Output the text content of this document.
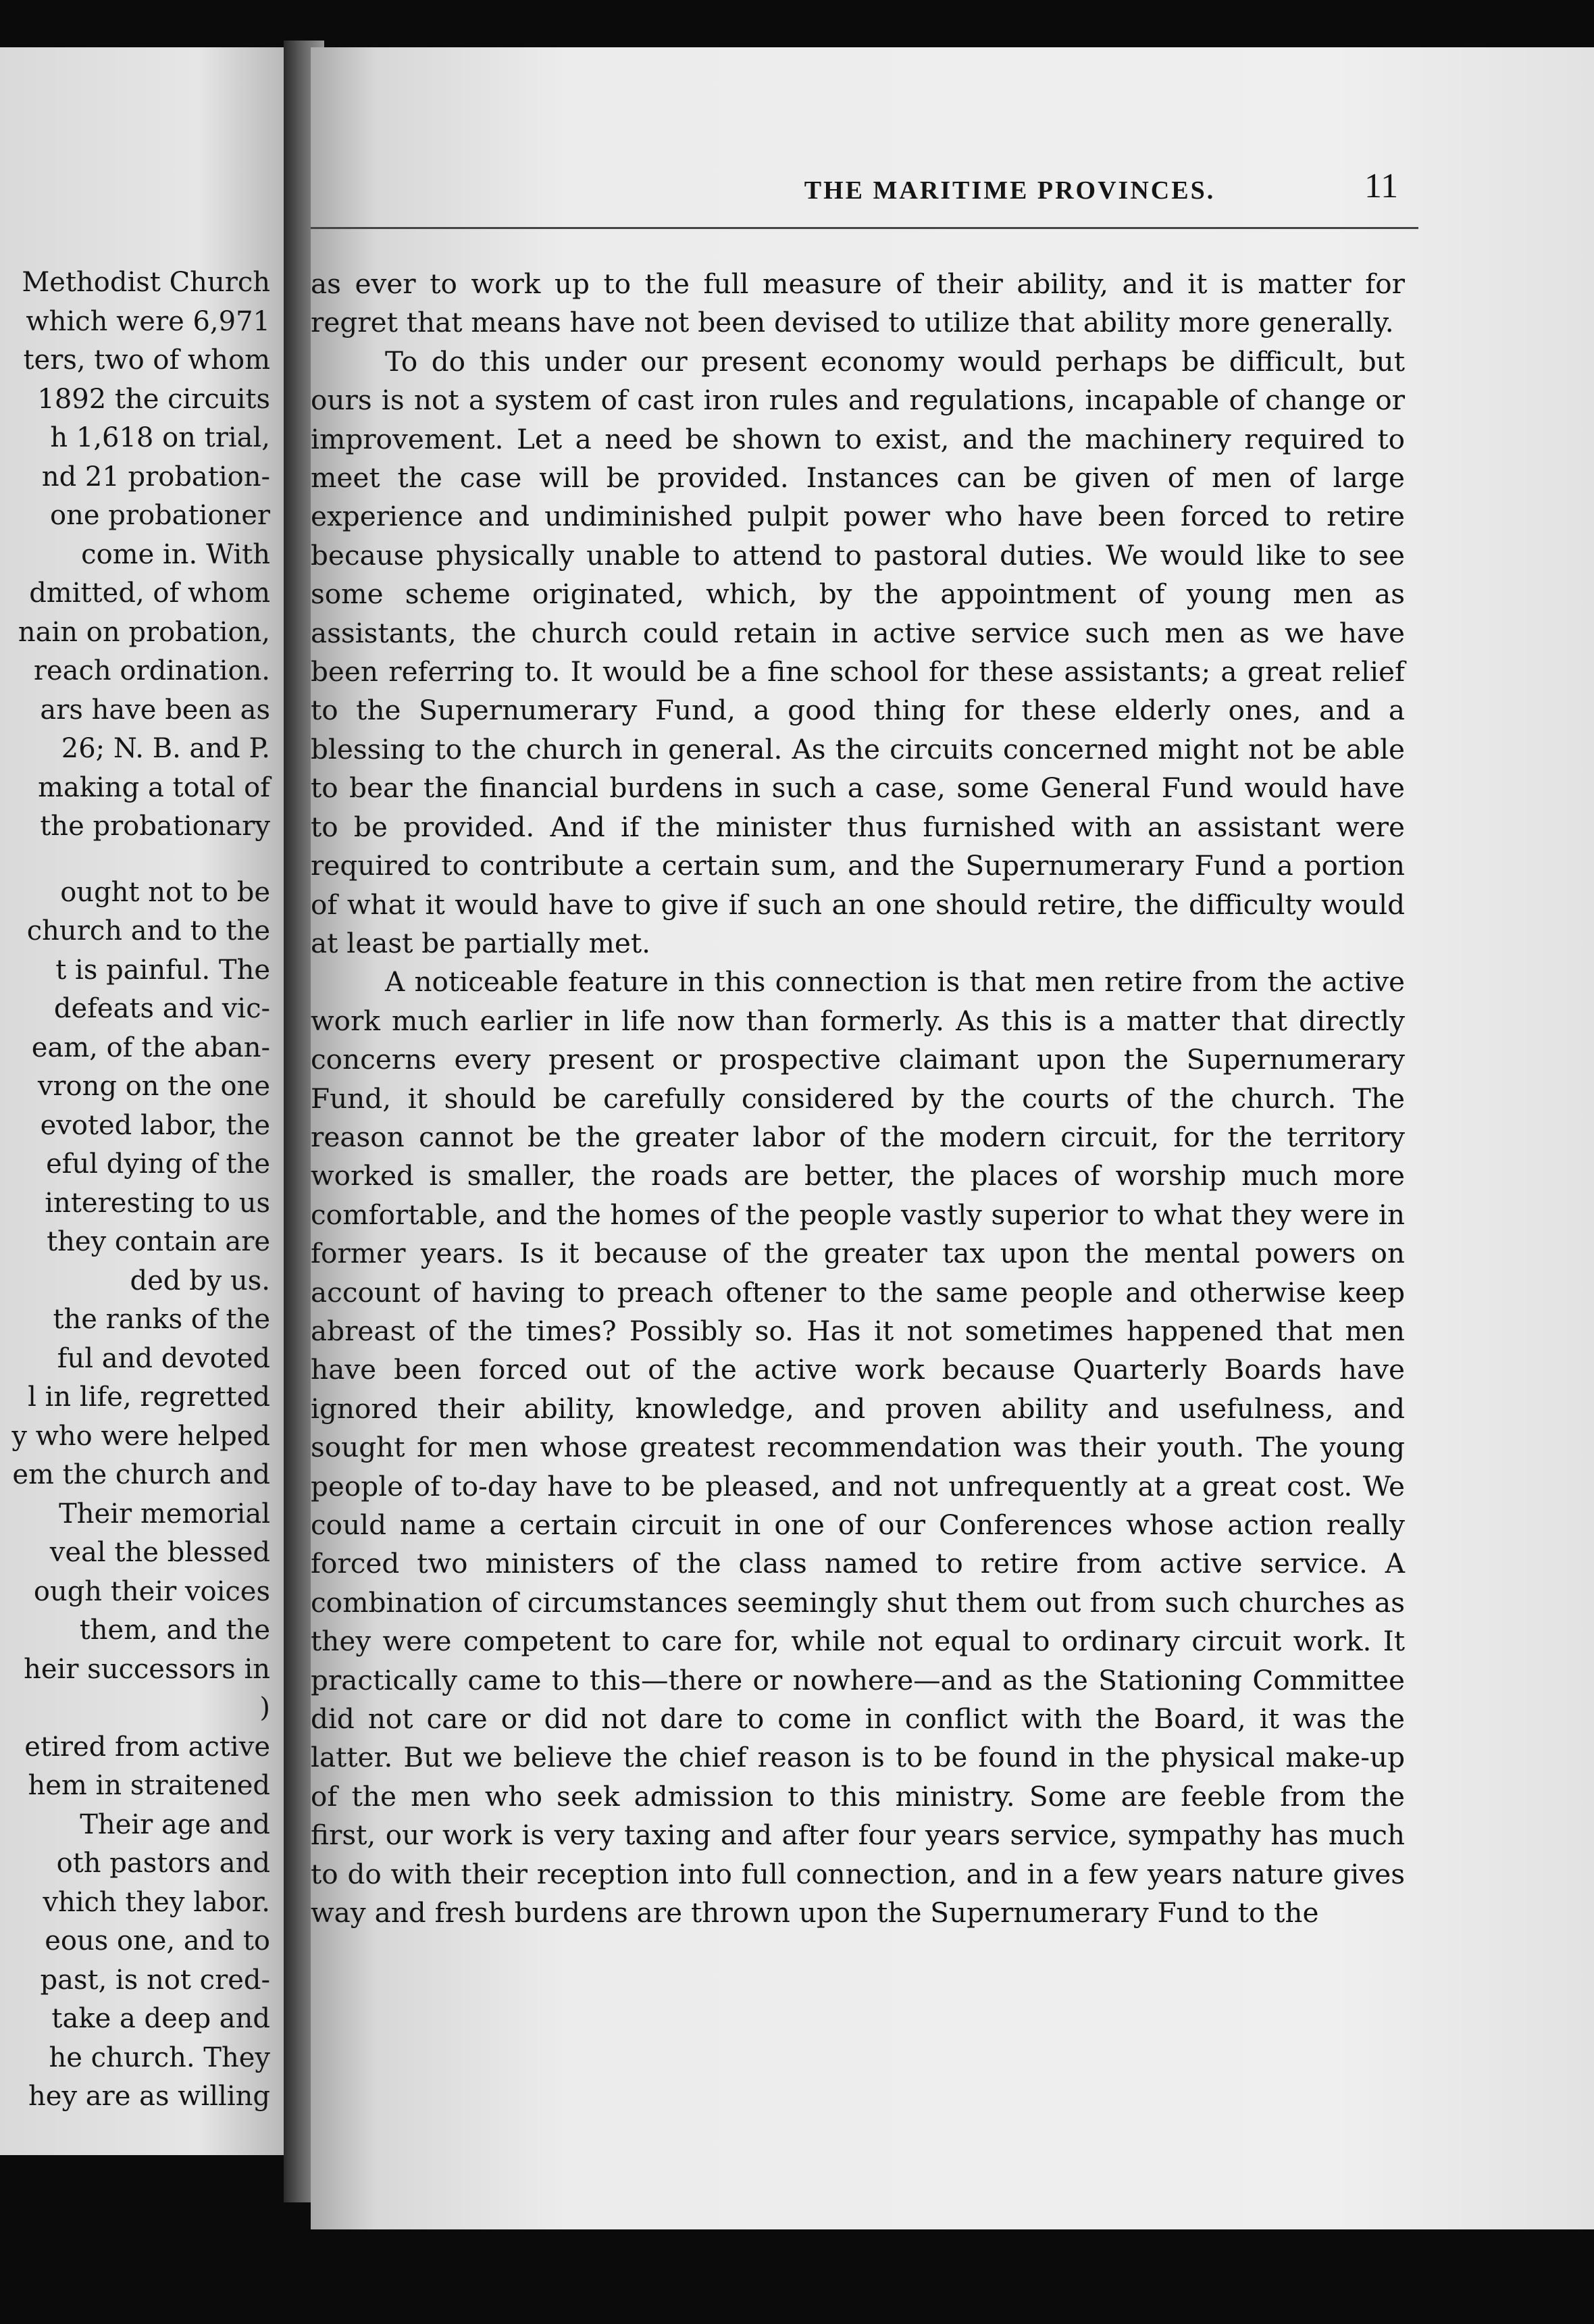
Methodist Church
which were 6,971
ters, two of whom
1892 the circuits
h 1,618 on trial,
nd 21 probation-
one probationer
come in. With
dmitted, of whom
nain on probation,
reach ordination.
ars have been as
26; N. B. and P.
making a total of
the probationary
ought not to be
church and to the
t is painful. The
defeats and vic-
eam, of the aban-
vrong on the one
evoted labor, the
eful dying of the
interesting to us
they contain are
ded by us.
the ranks of the
ful and devoted
l in life, regretted
y who were helped
em the church and
Their memorial
veal the blessed
ough their voices
them, and the
heir successors in
)
etired from active
hem in straitened
Their age and
oth pastors and
vhich they labor.
eous one, and to
past, is not cred-
take a deep and
he church. They
hey are as willing
THE MARITIME PROVINCES.	11

as ever to work up to the full measure of their ability, and it is matter for regret that means have not been devised to utilize that ability more generally.

To do this under our present economy would perhaps be difficult, but ours is not a system of cast iron rules and regulations, incapable of change or improvement. Let a need be shown to exist, and the machinery required to meet the case will be provided. Instances can be given of men of large experience and undiminished pulpit power who have been forced to retire because physically unable to attend to pastoral duties. We would like to see some scheme originated, which, by the appointment of young men as assistants, the church could retain in active service such men as we have been referring to. It would be a fine school for these assistants; a great relief to the Supernumerary Fund, a good thing for these elderly ones, and a blessing to the church in general. As the circuits concerned might not be able to bear the financial burdens in such a case, some General Fund would have to be provided. And if the minister thus furnished with an assistant were required to contribute a certain sum, and the Supernumerary Fund a portion of what it would have to give if such an one should retire, the difficulty would at least be partially met.

A noticeable feature in this connection is that men retire from the active work much earlier in life now than formerly. As this is a matter that directly concerns every present or prospective claimant upon the Supernumerary Fund, it should be carefully considered by the courts of the church. The reason cannot be the greater labor of the modern circuit, for the territory worked is smaller, the roads are better, the places of worship much more comfortable, and the homes of the people vastly superior to what they were in former years. Is it because of the greater tax upon the mental powers on account of having to preach oftener to the same people and otherwise keep abreast of the times? Possibly so. Has it not sometimes happened that men have been forced out of the active work because Quarterly Boards have ignored their ability, knowledge, and proven ability and usefulness, and sought for men whose greatest recommendation was their youth. The young people of to-day have to be pleased, and not unfrequently at a great cost. We could name a certain circuit in one of our Conferences whose action really forced two ministers of the class named to retire from active service. A combination of circumstances seemingly shut them out from such churches as they were competent to care for, while not equal to ordinary circuit work. It practically came to this—there or nowhere—and as the Stationing Committee did not care or did not dare to come in conflict with the Board, it was the latter. But we believe the chief reason is to be found in the physical make-up of the men who seek admission to this ministry. Some are feeble from the first, our work is very taxing and after four years service, sympathy has much to do with their reception into full connection, and in a few years nature gives way and fresh burdens are thrown upon the Supernumerary Fund to the
